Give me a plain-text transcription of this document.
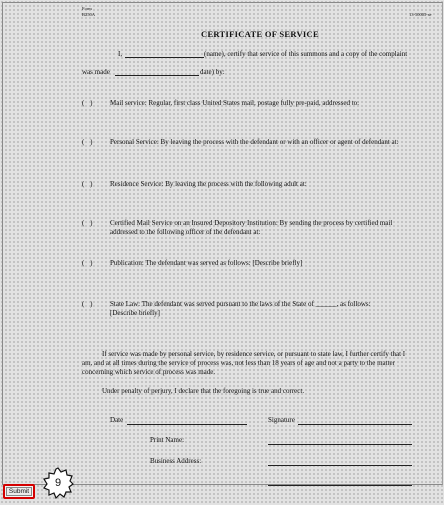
Form
B250A	13-50005-se
CERTIFICATE OF SERVICE
I,	(name), certify that service of this summons and a copy of the complaint
was made	date) by:
( ) Mail service: Regular, first class United States mail, postage fully pre-paid, addressed to:
( ) Personal Service: By leaving the process with the defendant or with an officer or agent of defendant at:
( ) Residence Service: By leaving the process with the following adult at:
( ) Certified Mail Service on an Insured Depository Institution: By sending the process by certified mail
addressed to the following officer of the defendant at:
( ) Publication: The defendant was served as follows: [Describe briefly]
( ) State Law: The defendant was served pursuant to the laws of the State of ______, as follows:
[Describe briefly]
If service was made by personal service, by residence service, or pursuant to state law, I further certify that I
am, and at all times during the service of process was, not less than 18 years of age and not a party to the matter
concerning which service of process was made.
Under penalty of perjury, I declare that the foregoing is true and correct.
Date	Signature
Print Name:
Business Address:
Submit
9
